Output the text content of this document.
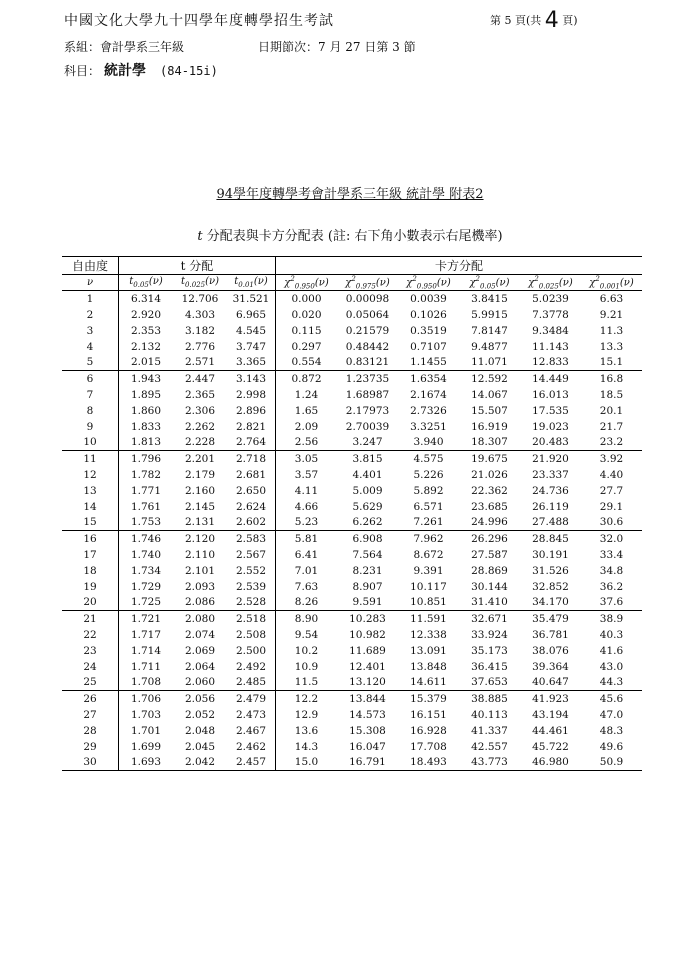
中國文化大學九十四學年度轉學招生考試	第 5 頁(共 4 頁)
系組：會計學系三年級	日期節次：7 月 27 日第 3 節
科目： 統計學 (84-15i)
94學年度轉學考會計學系三年級 統計學 附表2
t 分配表與卡方分配表 (註: 右下角小數表示右尾機率)
自由度	t 分配			卡方分配					
ν	$t_{0.05}(\nu)$	$t_{0.025}(\nu)$	$t_{0.01}(\nu)$	$\chi^2_{0.950}(\nu)$	$\chi^2_{0.975}(\nu)$	$\chi^2_{0.950}(\nu)$	$\chi^2_{0.05}(\nu)$	$\chi^2_{0.025}(\nu)$	$\chi^2_{0.001}(\nu)$
1	6.314	12.706	31.521	0.000	0.00098	0.0039	3.8415	5.0239	6.63
2	2.920	4.303	6.965	0.020	0.05064	0.1026	5.9915	7.3778	9.21
3	2.353	3.182	4.545	0.115	0.21579	0.3519	7.8147	9.3484	11.3
4	2.132	2.776	3.747	0.297	0.48442	0.7107	9.4877	11.143	13.3
5	2.015	2.571	3.365	0.554	0.83121	1.1455	11.071	12.833	15.1
6	1.943	2.447	3.143	0.872	1.23735	1.6354	12.592	14.449	16.8
7	1.895	2.365	2.998	1.24	1.68987	2.1674	14.067	16.013	18.5
8	1.860	2.306	2.896	1.65	2.17973	2.7326	15.507	17.535	20.1
9	1.833	2.262	2.821	2.09	2.70039	3.3251	16.919	19.023	21.7
10	1.813	2.228	2.764	2.56	3.247	3.940	18.307	20.483	23.2
11	1.796	2.201	2.718	3.05	3.815	4.575	19.675	21.920	3.92
12	1.782	2.179	2.681	3.57	4.401	5.226	21.026	23.337	4.40
13	1.771	2.160	2.650	4.11	5.009	5.892	22.362	24.736	27.7
14	1.761	2.145	2.624	4.66	5.629	6.571	23.685	26.119	29.1
15	1.753	2.131	2.602	5.23	6.262	7.261	24.996	27.488	30.6
16	1.746	2.120	2.583	5.81	6.908	7.962	26.296	28.845	32.0
17	1.740	2.110	2.567	6.41	7.564	8.672	27.587	30.191	33.4
18	1.734	2.101	2.552	7.01	8.231	9.391	28.869	31.526	34.8
19	1.729	2.093	2.539	7.63	8.907	10.117	30.144	32.852	36.2
20	1.725	2.086	2.528	8.26	9.591	10.851	31.410	34.170	37.6
21	1.721	2.080	2.518	8.90	10.283	11.591	32.671	35.479	38.9
22	1.717	2.074	2.508	9.54	10.982	12.338	33.924	36.781	40.3
23	1.714	2.069	2.500	10.2	11.689	13.091	35.173	38.076	41.6
24	1.711	2.064	2.492	10.9	12.401	13.848	36.415	39.364	43.0
25	1.708	2.060	2.485	11.5	13.120	14.611	37.653	40.647	44.3
26	1.706	2.056	2.479	12.2	13.844	15.379	38.885	41.923	45.6
27	1.703	2.052	2.473	12.9	14.573	16.151	40.113	43.194	47.0
28	1.701	2.048	2.467	13.6	15.308	16.928	41.337	44.461	48.3
29	1.699	2.045	2.462	14.3	16.047	17.708	42.557	45.722	49.6
30	1.693	2.042	2.457	15.0	16.791	18.493	43.773	46.980	50.9
